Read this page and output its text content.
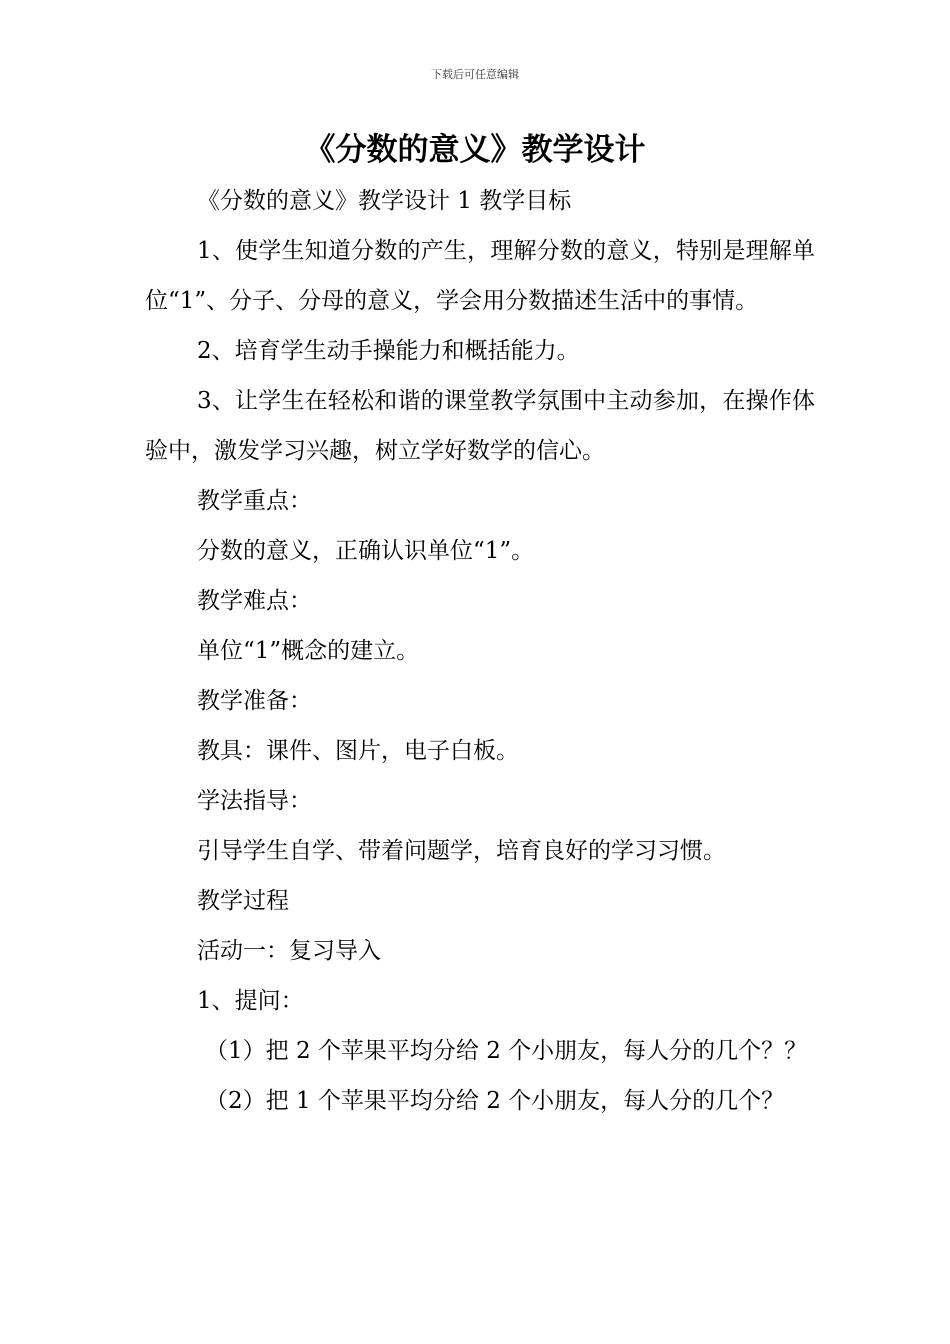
下载后可任意编辑
《分数的意义》教学设计

《分数的意义》教学设计 1 教学目标

1、使学生知道分数的产生，理解分数的意义，特别是理解单位“1”、分子、分母的意义，学会用分数描述生活中的事情。

2、培育学生动手操能力和概括能力。

3、让学生在轻松和谐的课堂教学氛围中主动参加，在操作体验中，激发学习兴趣，树立学好数学的信心。

教学重点：

分数的意义，正确认识单位“1”。

教学难点：

单位“1”概念的建立。

教学准备：

教具：课件、图片，电子白板。

学法指导：

引导学生自学、带着问题学，培育良好的学习习惯。

教学过程

活动一：复习导入

1、提问：

（1）把 2 个苹果平均分给 2 个小朋友，每人分的几个？？

（2）把 1 个苹果平均分给 2 个小朋友，每人分的几个？
